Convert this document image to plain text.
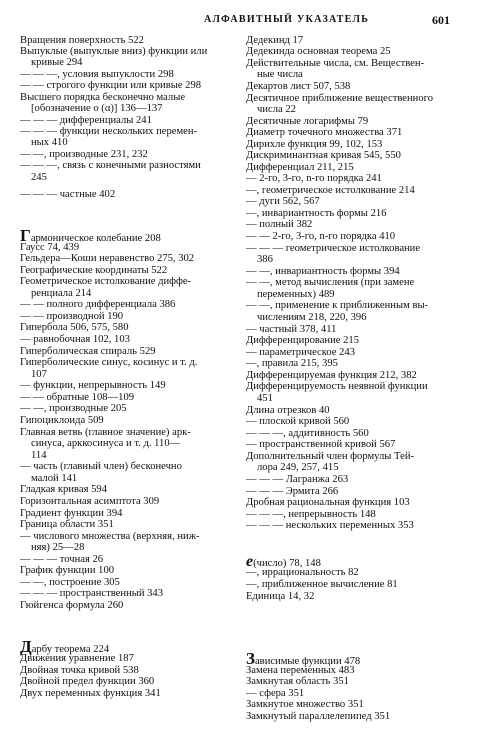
АЛФАВИТНЫЙ УКАЗАТЕЛЬ	601
Вращения поверхность 522
Выпуклые (выпуклые вниз) функции или
кривые 294
— — —, условия выпуклости 298
— — строгого функции или кривые 298
Высшего порядка бесконечно малые
[обозначение o (α)] 136—137
— — — дифференциалы 241
— — — функции нескольких перемен-
ных 410
— —, производные 231, 232
— — —, связь с конечными разностями
245
— — — частные 402
Гармоническое колебание 208
Гаусс 74, 439
Гельдера—Коши неравенство 275, 302
Географические координаты 522
Геометрическое истолкование диффе-
ренциала 214
— — полного дифференциала 386
— — производной 190
Гипербола 506, 575, 580
— равнобочная 102, 103
Гиперболическая спираль 529
Гиперболические синус, косинус и т. д.
107
— функции, непрерывность 149
— — обратные 108—109
— —, производные 205
Гипоциклоида 509
Главная ветвь (главное значение) арк-
синуса, арккосинуса и т. д. 110—
114
— часть (главный член) бесконечно
малой 141
Гладкая кривая 594
Горизонтальная асимптота 309
Градиент функции 394
Граница области 351
— числового множества (верхняя, ниж-
няя) 25—28
— — — точная 26
График функции 100
— —, построение 305
— — — пространственный 343
Гюйгенса формула 260
Дарбу теорема 224
Движения уравнение 187
Двойная точка кривой 538
Двойной предел функции 360
Двух переменных функция 341
Дедекинд 17
Дедекинда основная теорема 25
Действительные числа, см. Веществен-
ные числа
Декартов лист 507, 538
Десятичное приближение вещественного
числа 22
Десятичные логарифмы 79
Диаметр точечного множества 371
Дирихле функция 99, 102, 153
Дискриминантная кривая 545, 550
Дифференциал 211, 215
— 2-го, 3-го, n-го порядка 241
—, геометрическое истолкование 214
— дуги 562, 567
—, инвариантность формы 216
— полный 382
— — 2-го, 3-го, n-го порядка 410
— — — геометрическое истолкование
386
— —, инвариантность формы 394
— —, метод вычисления (при замене
переменных) 489
— —, применение к приближенным вы-
числениям 218, 220, 396
— частный 378, 411
Дифференцирование 215
— параметрическое 243
—, правила 215, 395
Дифференцируемая функция 212, 382
Дифференцируемость неявной функции
451
Длина отрезков 40
— плоской кривой 560
— — —, аддитивность 560
— пространственной кривой 567
Дополнительный член формулы Тей-
лора 249, 257, 415
— — — Лагранжа 263
— — — Эрмита 266
Дробная рациональная функция 103
— — —, непрерывность 148
— — — нескольких переменных 353
e(число) 78, 148
—, иррациональность 82
—, приближенное вычисление 81
Единица 14, 32
Зависимые функции 478
Замена переменных 483
Замкнутая область 351
— сфера 351
Замкнутое множество 351
Замкнутый параллелепипед 351
